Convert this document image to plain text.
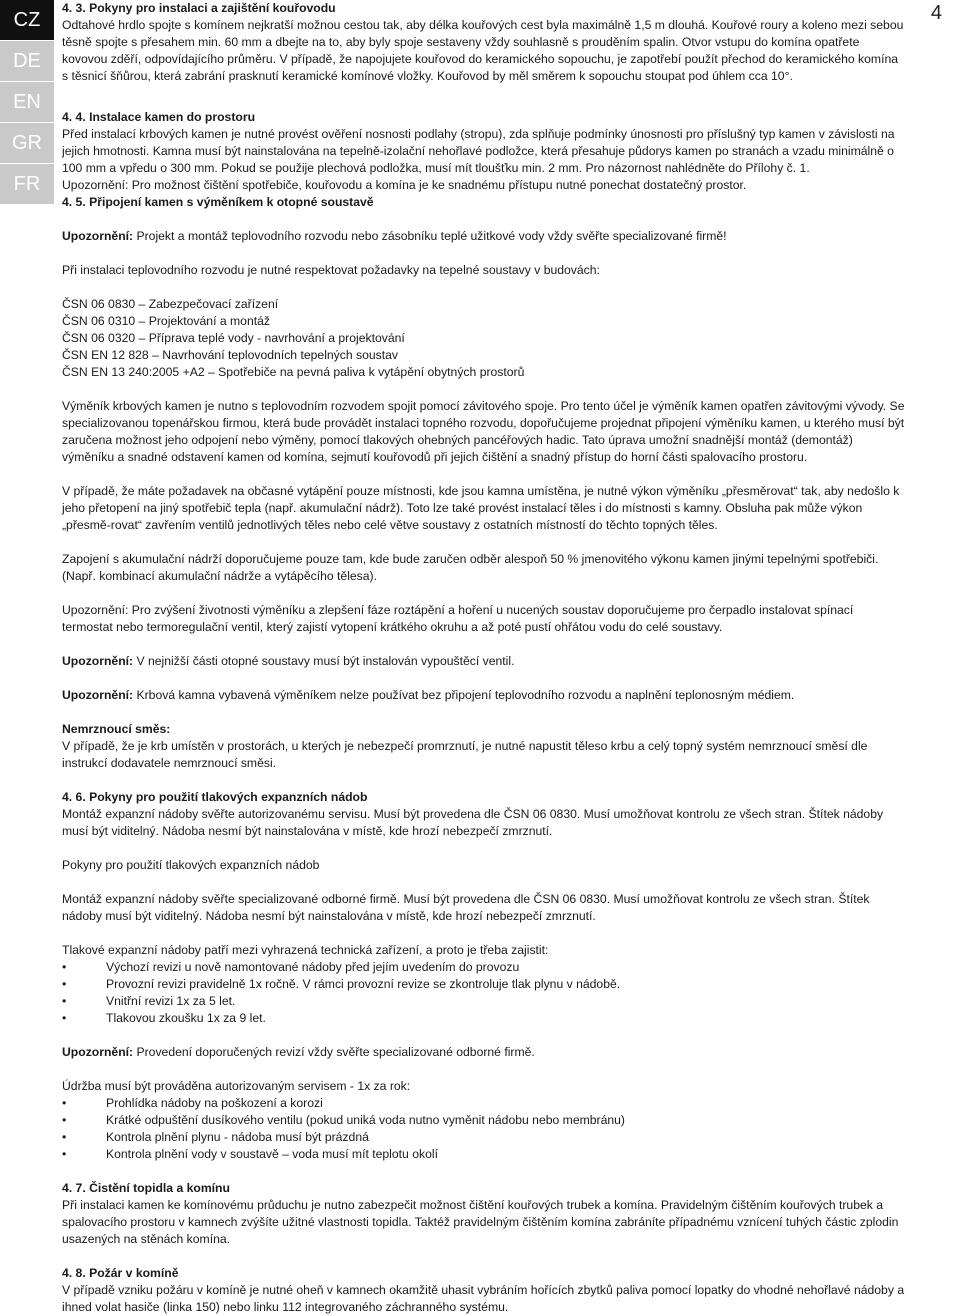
CZ
DE
EN
GR
FR
4

4. 3. Pokyny pro instalaci a zajištění kouřovodu

Odtahové hrdlo spojte s komínem nejkratší možnou cestou tak, aby délka kouřových cest byla maximálně 1,5 m dlouhá. Kouřové roury a koleno mezi sebou těsně spojte s přesahem min. 60 mm a dbejte na to, aby byly spoje sestaveny vždy souhlasně s prouděním spalin. Otvor vstupu do komína opatřete kovovou zděří, odpovídajícího průměru. V případě, že napojujete kouřovod do keramického sopouchu, je zapotřebí použít přechod do keramického komína s těsnicí šňůrou, která zabrání prasknutí keramické komínové vložky. Kouřovod by měl směrem k sopouchu stoupat pod úhlem cca 10°.

4. 4. Instalace kamen do prostoru

Před instalací krbových kamen je nutné provést ověření nosnosti podlahy (stropu), zda splňuje podmínky únosnosti pro příslušný typ kamen v závislosti na jejich hmotnosti. Kamna musí být nainstalována na tepelně-izolační nehořlavé podložce, která přesahuje půdorys kamen po stranách a vzadu minimálně o 100 mm a vpředu o 300 mm. Pokud se použije plechová podložka, musí mít tloušťku min. 2 mm. Pro názornost nahlédněte do Přílohy č. 1.

Upozornění: Pro možnost čištění spotřebiče, kouřovodu a komína je ke snadnému přístupu nutné ponechat dostatečný prostor.

4. 5. Připojení kamen s výměníkem k otopné soustavě

Upozornění: Projekt a montáž teplovodního rozvodu nebo zásobníku teplé užitkové vody vždy svěřte specializované firmě!

Při instalaci teplovodního rozvodu je nutné respektovat požadavky na tepelné soustavy v budovách:

ČSN 06 0830 – Zabezpečovací zařízení

ČSN 06 0310 – Projektování a montáž

ČSN 06 0320 – Příprava teplé vody - navrhování a projektování

ČSN EN 12 828 – Navrhování teplovodních tepelných soustav

ČSN EN 13 240:2005 +A2 – Spotřebiče na pevná paliva k vytápění obytných prostorů

Výměník krbových kamen je nutno s teplovodním rozvodem spojit pomocí závitového spoje. Pro tento účel je výměník kamen opatřen závitovými vývody. Se specializovanou topenářskou firmou, která bude provádět instalaci topného rozvodu, dopořučujeme projednat připojení výměníku kamen, u kterého musí být zaručena možnost jeho odpojení nebo výměny, pomocí tlakových ohebných pancéřových hadic. Tato úprava umožní snadnější montáž (demontáž) výměníku a snadné odstavení kamen od komína, sejmutí kouřovodů při jejich čištění a snadný přístup do horní části spalovacího prostoru.

V případě, že máte požadavek na občasné vytápění pouze místnosti, kde jsou kamna umístěna, je nutné výkon výměníku „přesměrovat“ tak, aby nedošlo k jeho přetopení na jiný spotřebič tepla (např. akumulační nádrž). Toto lze také provést instalací těles i do místnosti s kamny. Obsluha pak může výkon „přesmě-rovat“ zavřením ventilů jednotlivých těles nebo celé větve soustavy z ostatních místností do těchto topných těles.

Zapojení s akumulační nádrží doporučujeme pouze tam, kde bude zaručen odběr alespoň 50 % jmenovitého výkonu kamen jinými tepelnými spotřebiči. (Např. kombinací akumulační nádrže a vytápěcího tělesa).

Upozornění: Pro zvýšení životnosti výměníku a zlepšení fáze roztápění a hoření u nucených soustav doporučujeme pro čerpadlo instalovat spínací termostat nebo termoregulační ventil, který zajistí vytopení krátkého okruhu a až poté pustí ohřátou vodu do celé soustavy.

Upozornění: V nejnižší části otopné soustavy musí být instalován vypouštěcí ventil.

Upozornění: Krbová kamna vybavená výměníkem nelze používat bez připojení teplovodního rozvodu a naplnění teplonosným médiem.

Nemrznoucí směs:

V případě, že je krb umístěn v prostorách, u kterých je nebezpečí promrznutí, je nutné napustit těleso krbu a celý topný systém nemrznoucí směsí dle instrukcí dodavatele nemrznoucí směsi.

4. 6. Pokyny pro použití tlakových expanzních nádob

Montáž expanzní nádoby svěřte autorizovanému servisu. Musí být provedena dle ČSN 06 0830. Musí umožňovat kontrolu ze všech stran. Štítek nádoby musí být viditelný. Nádoba nesmí být nainstalována v místě, kde hrozí nebezpečí zmrznutí.

Pokyny pro použití tlakových expanzních nádob

Montáž expanzní nádoby svěřte specializované odborné firmě. Musí být provedena dle ČSN 06 0830. Musí umožňovat kontrolu ze všech stran. Štítek nádoby musí být viditelný. Nádoba nesmí být nainstalována v místě, kde hrozí nebezpečí zmrznutí.

Tlakové expanzní nádoby patří mezi vyhrazená technická zařízení, a proto je třeba zajistit:

• Výchozí revizi u nově namontované nádoby před jejím uvedením do provozu
• Provozní revizi pravidelně 1x ročně. V rámci provozní revize se zkontroluje tlak plynu v nádobě.
• Vnitřní revizi 1x za 5 let.
• Tlakovou zkoušku 1x za 9 let.

Upozornění: Provedení doporučených revizí vždy svěřte specializované odborné firmě.

Údržba musí být prováděna autorizovaným servisem - 1x za rok:

• Prohlídka nádoby na poškození a korozi
• Krátké odpuštění dusíkového ventilu (pokud uniká voda nutno vyměnit nádobu nebo membránu)
• Kontrola plnění plynu - nádoba musí být prázdná
• Kontrola plnění vody v soustavě – voda musí mít teplotu okolí

4. 7. Čistění topidla a komínu

Při instalaci kamen ke komínovému průduchu je nutno zabezpečit možnost čištění kouřových trubek a komína. Pravidelným čištěním kouřových trubek a spalovacího prostoru v kamnech zvýšíte užitné vlastnosti topidla. Taktéž pravidelným čištěním komína zabráníte případnému vznícení tuhých částic zplodin usazených na stěnách komína.

4. 8. Požár v komíně

V případě vzniku požáru v komíně je nutné oheň v kamnech okamžitě uhasit vybráním hořících zbytků paliva pomocí lopatky do vhodné nehořlavé nádoby a ihned volat hasiče (linka 150) nebo linku 112 integrovaného záchranného systému.
